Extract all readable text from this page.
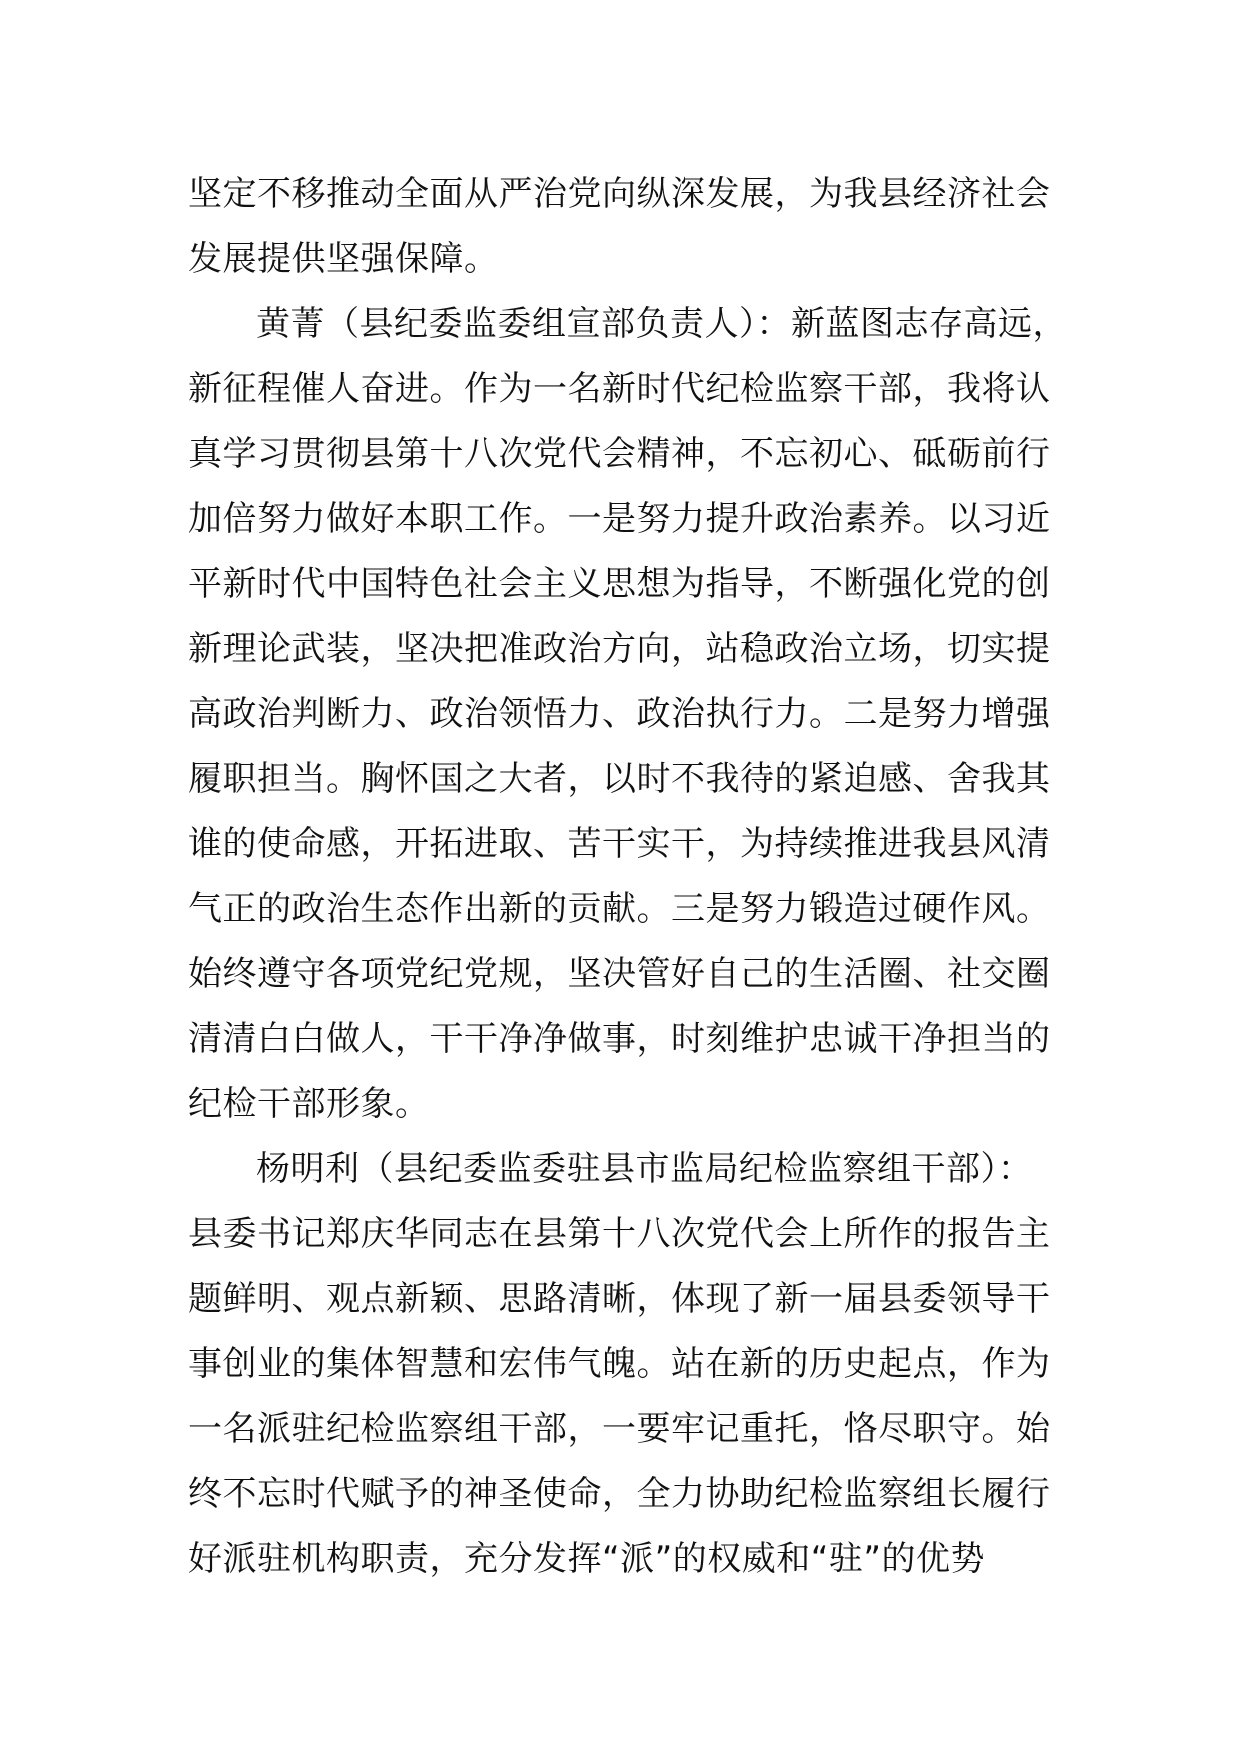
坚定不移推动全面从严治党向纵深发展，为我县经济社会
发展提供坚强保障。
黄菁（县纪委监委组宣部负责人）：新蓝图志存高远，
新征程催人奋进。作为一名新时代纪检监察干部，我将认
真学习贯彻县第十八次党代会精神，不忘初心、砥砺前行
加倍努力做好本职工作。一是努力提升政治素养。以习近
平新时代中国特色社会主义思想为指导，不断强化党的创
新理论武装，坚决把准政治方向，站稳政治立场，切实提
高政治判断力、政治领悟力、政治执行力。二是努力增强
履职担当。胸怀国之大者，以时不我待的紧迫感、舍我其
谁的使命感，开拓进取、苦干实干，为持续推进我县风清
气正的政治生态作出新的贡献。三是努力锻造过硬作风。
始终遵守各项党纪党规，坚决管好自己的生活圈、社交圈
清清白白做人，干干净净做事，时刻维护忠诚干净担当的
纪检干部形象。
杨明利（县纪委监委驻县市监局纪检监察组干部）：
县委书记郑庆华同志在县第十八次党代会上所作的报告主
题鲜明、观点新颖、思路清晰，体现了新一届县委领导干
事创业的集体智慧和宏伟气魄。站在新的历史起点，作为
一名派驻纪检监察组干部，一要牢记重托，恪尽职守。始
终不忘时代赋予的神圣使命，全力协助纪检监察组长履行
好派驻机构职责，充分发挥“派”的权威和“驻”的优势
